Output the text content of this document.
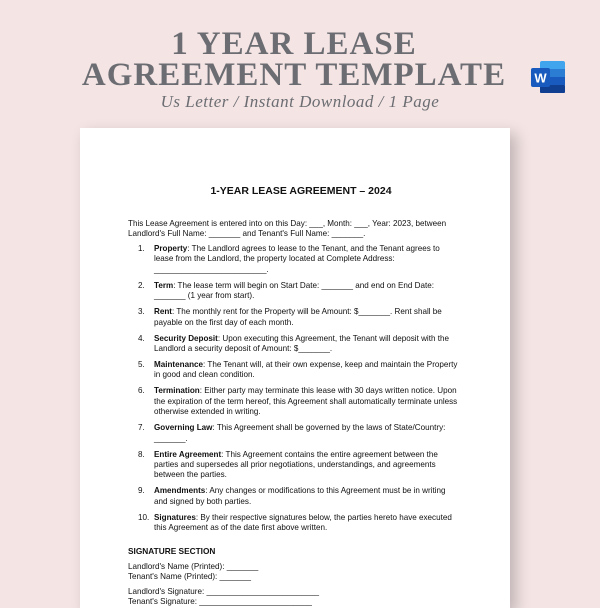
1 YEAR LEASE
AGREEMENT TEMPLATE
Us Letter / Instant Download / 1 Page
W
1-YEAR LEASE AGREEMENT – 2024
This Lease Agreement is entered into on this Day: ___, Month: ___, Year: 2023, between Landlord's Full Name: _______ and Tenant's Full Name: _______.
1. Property: The Landlord agrees to lease to the Tenant, and the Tenant agrees to lease from the Landlord, the property located at Complete Address: _________________________.
2. Term: The lease term will begin on Start Date: _______ and end on End Date: _______ (1 year from start).
3. Rent: The monthly rent for the Property will be Amount: $_______. Rent shall be payable on the first day of each month.
4. Security Deposit: Upon executing this Agreement, the Tenant will deposit with the Landlord a security deposit of Amount: $_______.
5. Maintenance: The Tenant will, at their own expense, keep and maintain the Property in good and clean condition.
6. Termination: Either party may terminate this lease with 30 days written notice. Upon the expiration of the term hereof, this Agreement shall automatically terminate unless otherwise extended in writing.
7. Governing Law: This Agreement shall be governed by the laws of State/Country: _______.
8. Entire Agreement: This Agreement contains the entire agreement between the parties and supersedes all prior negotiations, understandings, and agreements between the parties.
9. Amendments: Any changes or modifications to this Agreement must be in writing and signed by both parties.
10. Signatures: By their respective signatures below, the parties hereto have executed this Agreement as of the date first above written.
SIGNATURE SECTION
Landlord's Name (Printed): _______
Tenant's Name (Printed): _______
Landlord's Signature: _________________________
Tenant's Signature: _________________________
